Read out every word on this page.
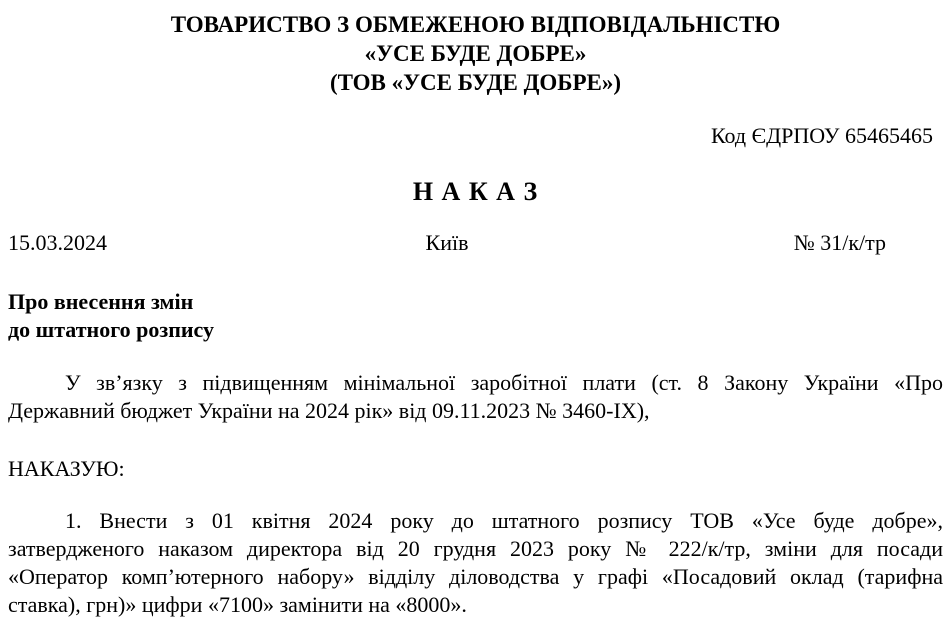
ТОВАРИСТВО З ОБМЕЖЕНОЮ ВІДПОВІДАЛЬНІСТЮ
«УСЕ БУДЕ ДОБРЕ»
(ТОВ «УСЕ БУДЕ ДОБРЕ»)
Код ЄДРПОУ 65465465
Н А К А З
15.03.2024	Київ	№ 31/к/тр
Про внесення змін
до штатного розпису
У зв’язку з підвищенням мінімальної заробітної плати (ст. 8 Закону України «Про
Державний бюджет України на 2024 рік» від 09.11.2023 № 3460-IX),
НАКАЗУЮ:
1. Внести з 01 квітня 2024 року до штатного розпису ТОВ «Усе буде добре»,
затвердженого наказом директора від 20 грудня 2023 року № 222/к/тр, зміни для посади
«Оператор комп’ютерного набору» відділу діловодства у графі «Посадовий оклад (тарифна
ставка), грн)» цифри «7100» замінити на «8000».
